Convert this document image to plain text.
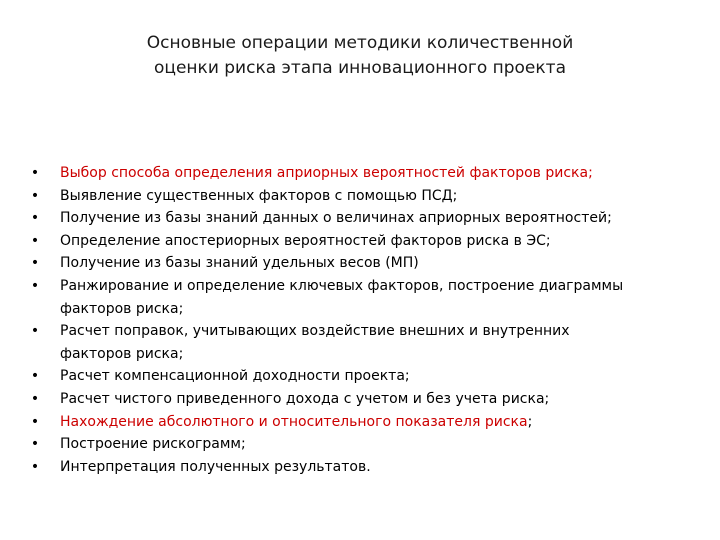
Основные операции методики количественной
оценки риска этапа инновационного проекта
• Выбор способа определения априорных вероятностей факторов риска;
• Выявление существенных факторов с помощью ПСД;
• Получение из базы знаний данных о величинах априорных вероятностей;
• Определение апостериорных вероятностей факторов риска в ЭС;
• Получение из базы знаний удельных весов (МП)
• Ранжирование и определение ключевых факторов, построение диаграммы
факторов риска;
• Расчет поправок, учитывающих воздействие внешних и внутренних
факторов риска;
• Расчет компенсационной доходности проекта;
• Расчет чистого приведенного дохода с учетом и без учета риска;
• Нахождение абсолютного и относительного показателя риска;
• Построение рискограмм;
• Интерпретация полученных результатов.
